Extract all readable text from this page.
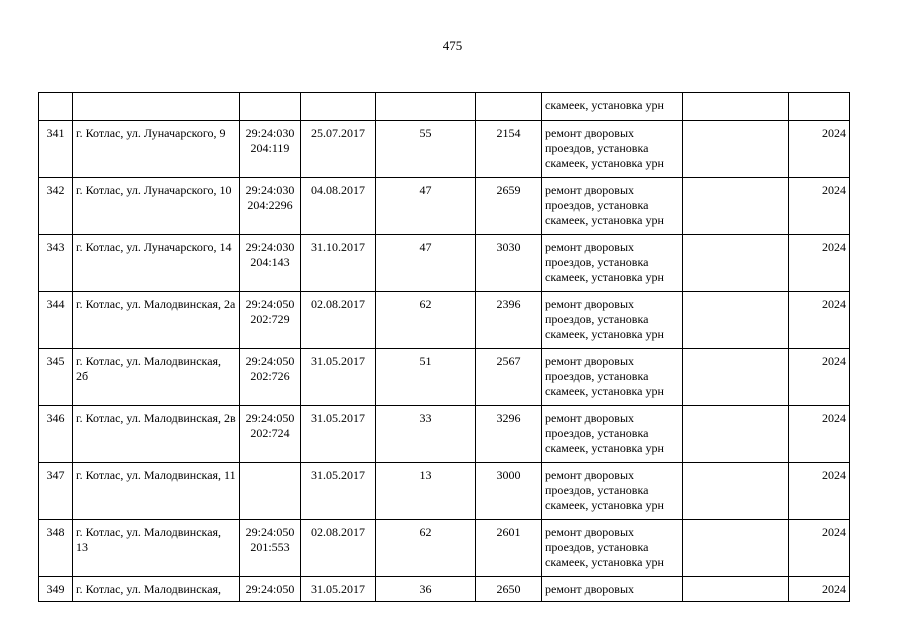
475
						скамеек, установка урн		
341	г. Котлас, ул. Луначарского, 9	29:24:030 204:119	25.07.2017	55	2154	ремонт дворовых проездов, установка скамеек, установка урн		2024
342	г. Котлас, ул. Луначарского, 10	29:24:030 204:2296	04.08.2017	47	2659	ремонт дворовых проездов, установка скамеек, установка урн		2024
343	г. Котлас, ул. Луначарского, 14	29:24:030 204:143	31.10.2017	47	3030	ремонт дворовых проездов, установка скамеек, установка урн		2024
344	г. Котлас, ул. Малодвинская, 2а	29:24:050 202:729	02.08.2017	62	2396	ремонт дворовых проездов, установка скамеек, установка урн		2024
345	г. Котлас, ул. Малодвинская, 2б	29:24:050 202:726	31.05.2017	51	2567	ремонт дворовых проездов, установка скамеек, установка урн		2024
346	г. Котлас, ул. Малодвинская, 2в	29:24:050 202:724	31.05.2017	33	3296	ремонт дворовых проездов, установка скамеек, установка урн		2024
347	г. Котлас, ул. Малодвинская, 11		31.05.2017	13	3000	ремонт дворовых проездов, установка скамеек, установка урн		2024
348	г. Котлас, ул. Малодвинская, 13	29:24:050 201:553	02.08.2017	62	2601	ремонт дворовых проездов, установка скамеек, установка урн		2024
349	г. Котлас, ул. Малодвинская,	29:24:050	31.05.2017	36	2650	ремонт дворовых		2024
